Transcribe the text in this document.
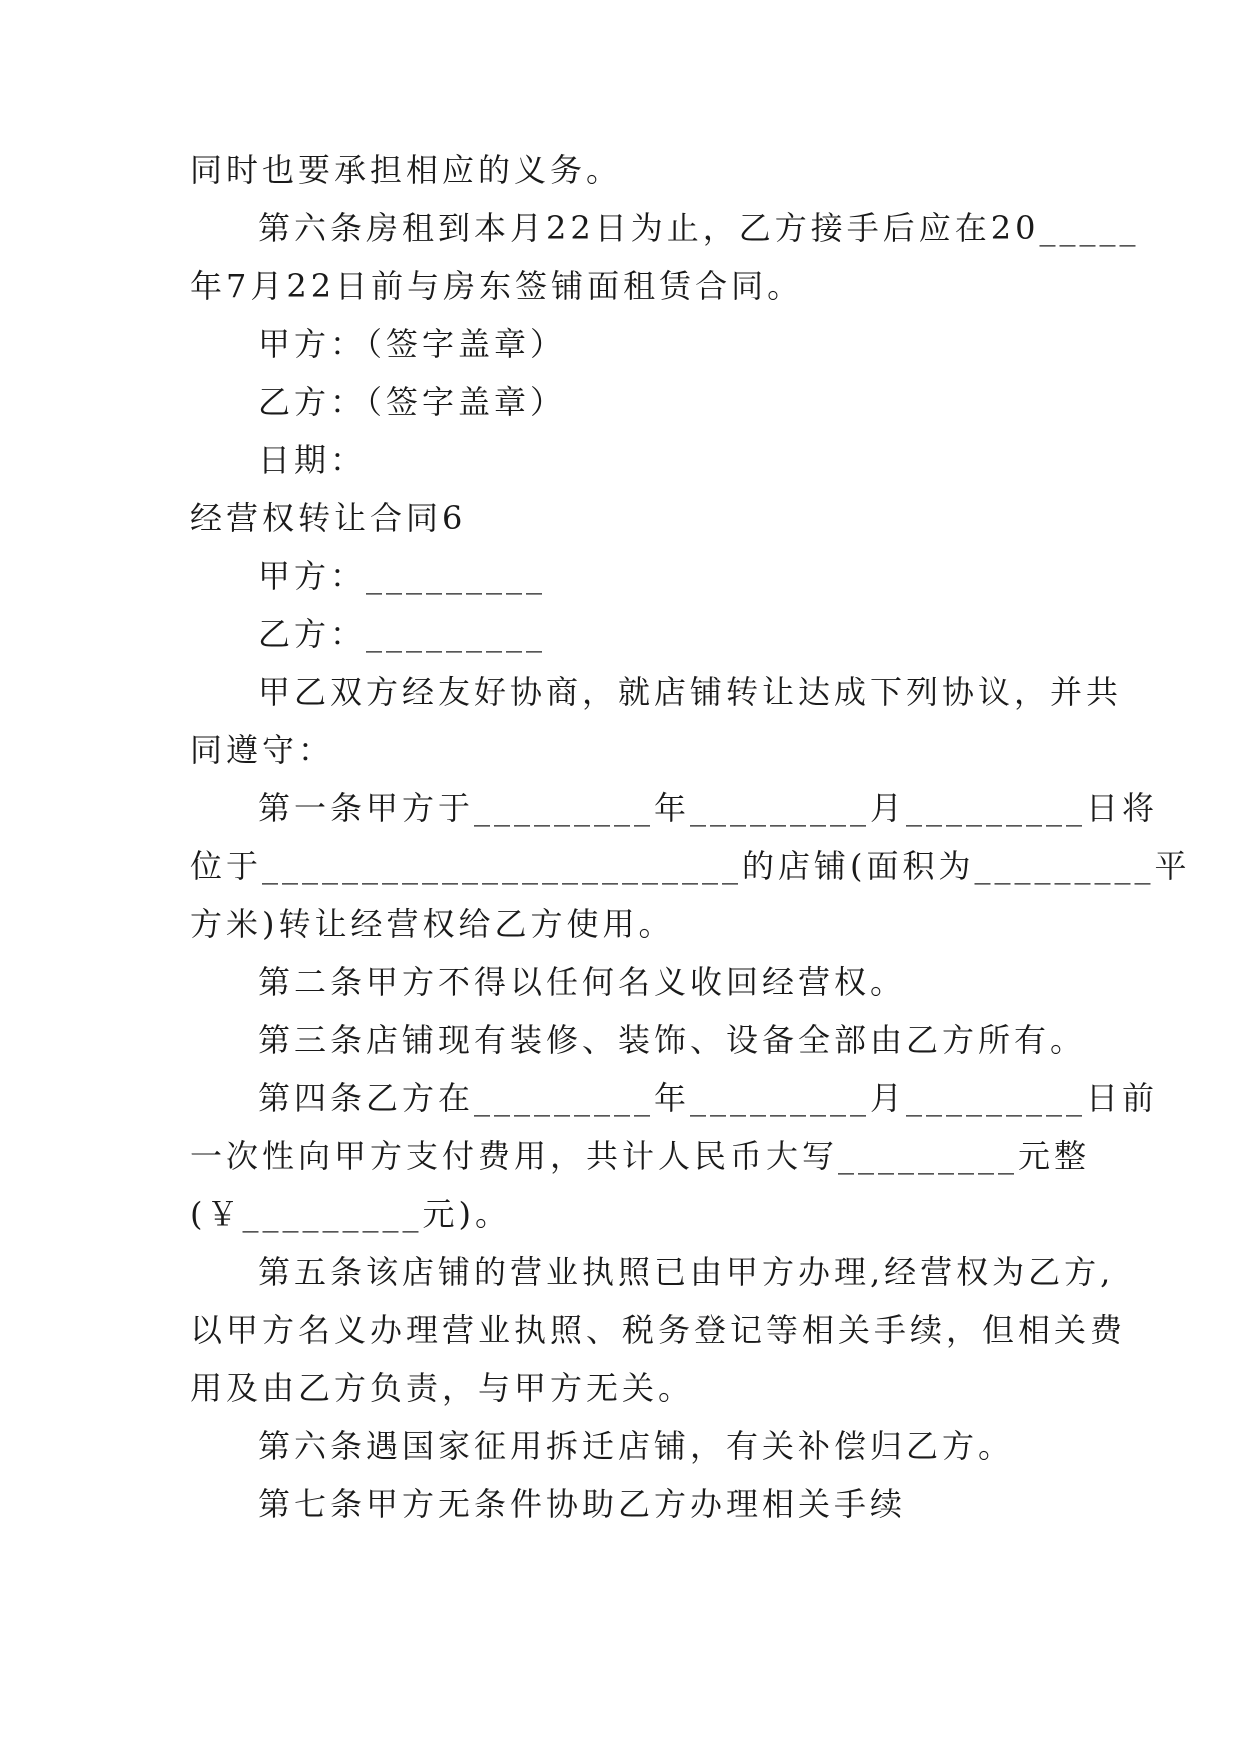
同时也要承担相应的义务。
第六条房租到本月22日为止，乙方接手后应在20_____
年7月22日前与房东签铺面租赁合同。
甲方：（签字盖章）
乙方：（签字盖章）
日期：
经营权转让合同6
甲方：_________
乙方：_________
甲乙双方经友好协商，就店铺转让达成下列协议，并共
同遵守：
第一条甲方于_________年_________月_________日将
位于________________________的店铺(面积为_________平
方米)转让经营权给乙方使用。
第二条甲方不得以任何名义收回经营权。
第三条店铺现有装修、装饰、设备全部由乙方所有。
第四条乙方在_________年_________月_________日前
一次性向甲方支付费用，共计人民币大写_________元整
(￥_________元)。
第五条该店铺的营业执照已由甲方办理,经营权为乙方,
以甲方名义办理营业执照、税务登记等相关手续，但相关费
用及由乙方负责，与甲方无关。
第六条遇国家征用拆迁店铺，有关补偿归乙方。
第七条甲方无条件协助乙方办理相关手续
